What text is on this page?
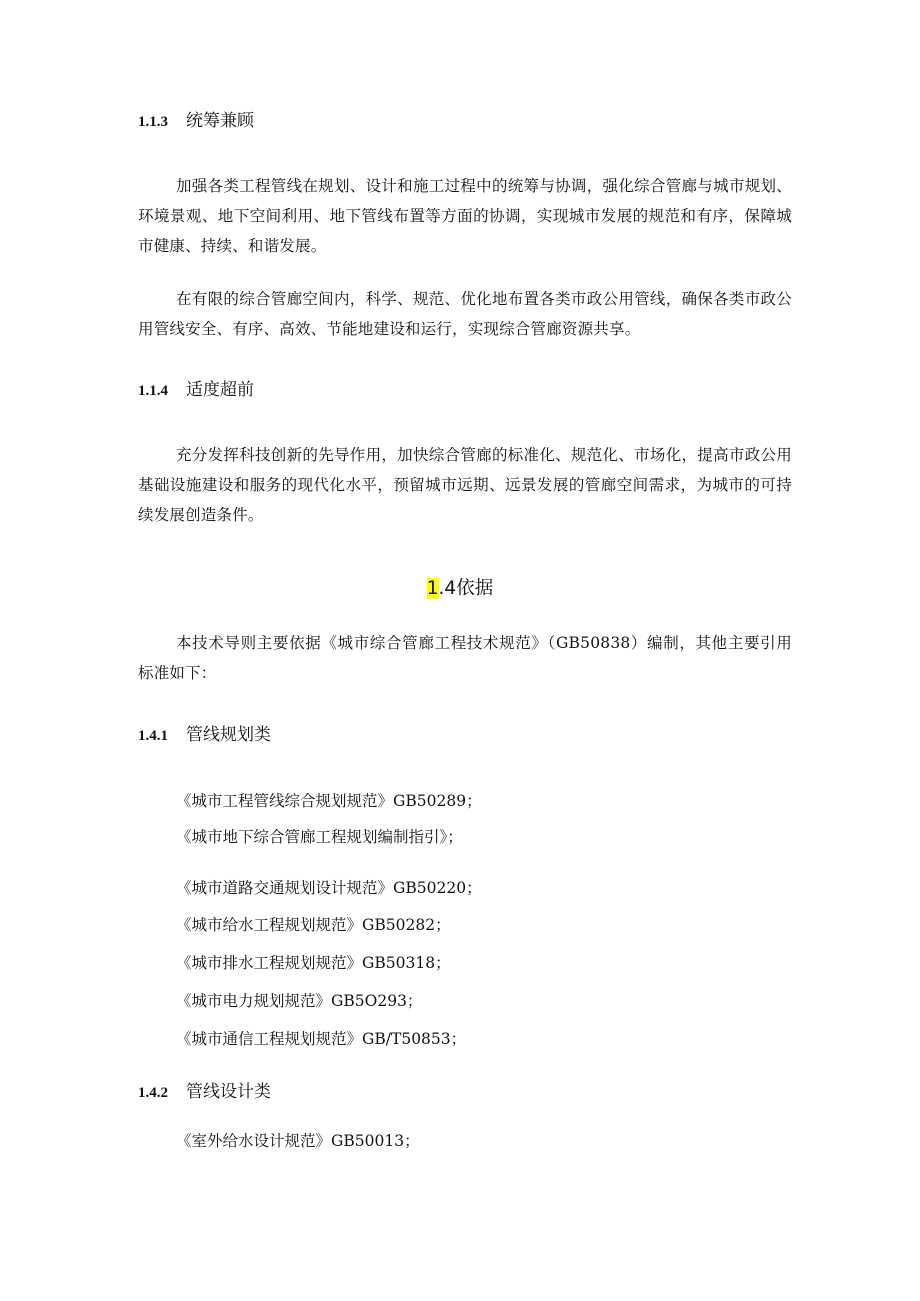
1.1.3 统筹兼顾
加强各类工程管线在规划、设计和施工过程中的统筹与协调，强化综合管廊与城市规划、环境景观、地下空间利用、地下管线布置等方面的协调，实现城市发展的规范和有序，保障城市健康、持续、和谐发展。
在有限的综合管廊空间内，科学、规范、优化地布置各类市政公用管线，确保各类市政公用管线安全、有序、高效、节能地建设和运行，实现综合管廊资源共享。
1.1.4 适度超前
充分发挥科技创新的先导作用，加快综合管廊的标准化、规范化、市场化，提高市政公用基础设施建设和服务的现代化水平，预留城市远期、远景发展的管廊空间需求，为城市的可持续发展创造条件。
1.4依据
本技术导则主要依据《城市综合管廊工程技术规范》（GB50838）编制，其他主要引用标准如下：
1.4.1 管线规划类
《城市工程管线综合规划规范》GB50289；
《城市地下综合管廊工程规划编制指引》；
《城市道路交通规划设计规范》GB50220；
《城市给水工程规划规范》GB50282；
《城市排水工程规划规范》GB50318；
《城市电力规划规范》GB5O293；
《城市通信工程规划规范》GB/T50853；
1.4.2 管线设计类
《室外给水设计规范》GB50013；
